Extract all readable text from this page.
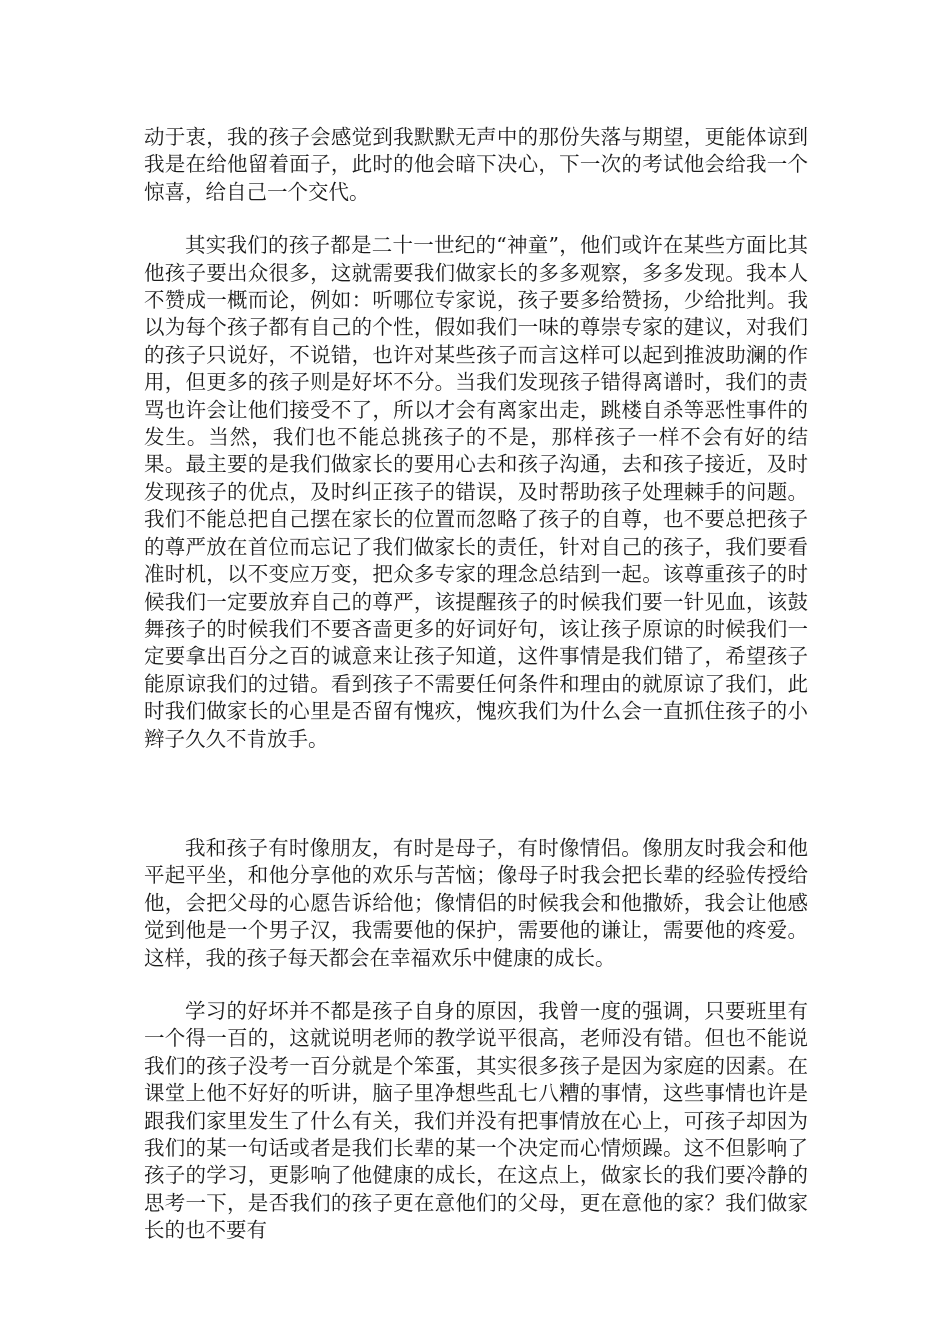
动于衷，我的孩子会感觉到我默默无声中的那份失落与期望，更能体谅到我是在给他留着面子，此时的他会暗下决心，下一次的考试他会给我一个惊喜，给自己一个交代。

其实我们的孩子都是二十一世纪的“神童”，他们或许在某些方面比其他孩子要出众很多，这就需要我们做家长的多多观察，多多发现。我本人不赞成一概而论，例如：听哪位专家说，孩子要多给赞扬，少给批判。我以为每个孩子都有自己的个性，假如我们一味的尊崇专家的建议，对我们的孩子只说好，不说错，也许对某些孩子而言这样可以起到推波助澜的作用，但更多的孩子则是好坏不分。当我们发现孩子错得离谱时，我们的责骂也许会让他们接受不了，所以才会有离家出走，跳楼自杀等恶性事件的发生。当然，我们也不能总挑孩子的不是，那样孩子一样不会有好的结果。最主要的是我们做家长的要用心去和孩子沟通，去和孩子接近，及时发现孩子的优点，及时纠正孩子的错误，及时帮助孩子处理棘手的问题。我们不能总把自己摆在家长的位置而忽略了孩子的自尊，也不要总把孩子的尊严放在首位而忘记了我们做家长的责任，针对自己的孩子，我们要看准时机，以不变应万变，把众多专家的理念总结到一起。该尊重孩子的时候我们一定要放弃自己的尊严，该提醒孩子的时候我们要一针见血，该鼓舞孩子的时候我们不要吝啬更多的好词好句，该让孩子原谅的时候我们一定要拿出百分之百的诚意来让孩子知道，这件事情是我们错了，希望孩子能原谅我们的过错。看到孩子不需要任何条件和理由的就原谅了我们，此时我们做家长的心里是否留有愧疚，愧疚我们为什么会一直抓住孩子的小辫子久久不肯放手。

我和孩子有时像朋友，有时是母子，有时像情侣。像朋友时我会和他平起平坐，和他分享他的欢乐与苦恼；像母子时我会把长辈的经验传授给他，会把父母的心愿告诉给他；像情侣的时候我会和他撒娇，我会让他感觉到他是一个男子汉，我需要他的保护，需要他的谦让，需要他的疼爱。这样，我的孩子每天都会在幸福欢乐中健康的成长。

学习的好坏并不都是孩子自身的原因，我曾一度的强调，只要班里有一个得一百的，这就说明老师的教学说平很高，老师没有错。但也不能说我们的孩子没考一百分就是个笨蛋，其实很多孩子是因为家庭的因素。在课堂上他不好好的听讲，脑子里净想些乱七八糟的事情，这些事情也许是跟我们家里发生了什么有关，我们并没有把事情放在心上，可孩子却因为我们的某一句话或者是我们长辈的某一个决定而心情烦躁。这不但影响了孩子的学习，更影响了他健康的成长，在这点上，做家长的我们要冷静的思考一下，是否我们的孩子更在意他们的父母，更在意他的家？我们做家长的也不要有
